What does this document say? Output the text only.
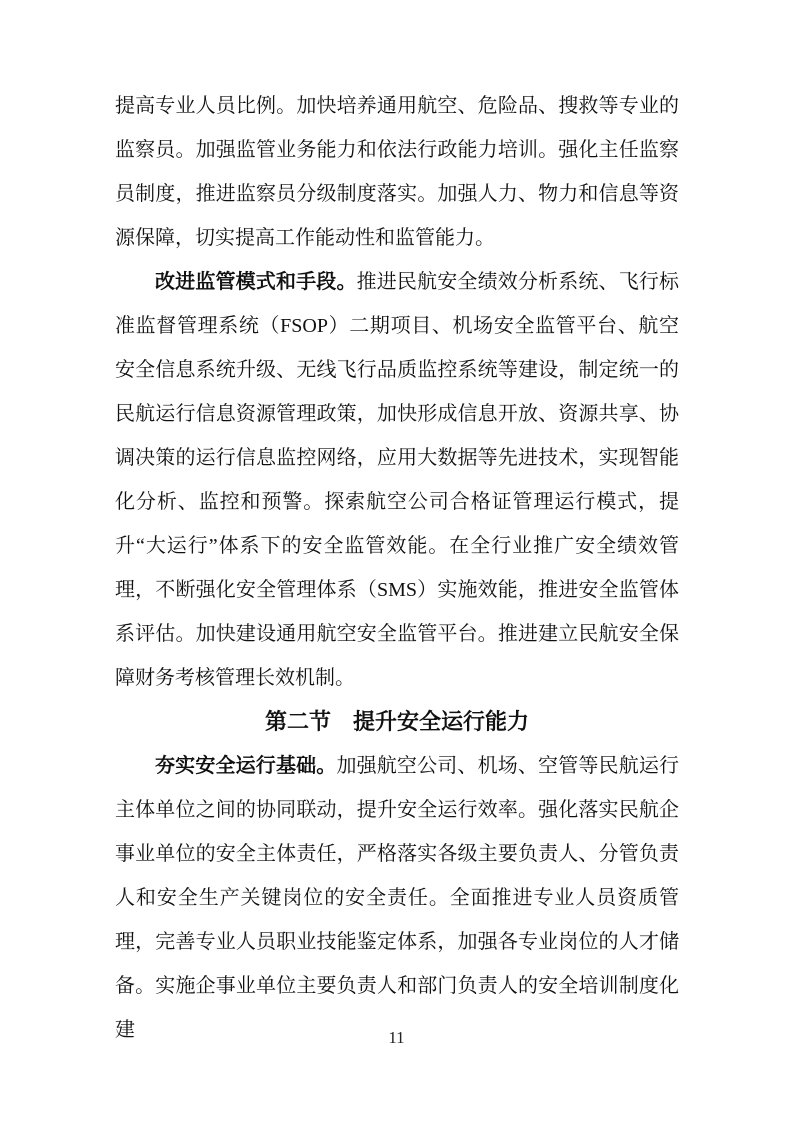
提高专业人员比例。加快培养通用航空、危险品、搜救等专业的监察员。加强监管业务能力和依法行政能力培训。强化主任监察员制度，推进监察员分级制度落实。加强人力、物力和信息等资源保障，切实提高工作能动性和监管能力。

改进监管模式和手段。推进民航安全绩效分析系统、飞行标准监督管理系统（FSOP）二期项目、机场安全监管平台、航空安全信息系统升级、无线飞行品质监控系统等建设，制定统一的民航运行信息资源管理政策，加快形成信息开放、资源共享、协调决策的运行信息监控网络，应用大数据等先进技术，实现智能化分析、监控和预警。探索航空公司合格证管理运行模式，提升“大运行”体系下的安全监管效能。在全行业推广安全绩效管理，不断强化安全管理体系（SMS）实施效能，推进安全监管体系评估。加快建设通用航空安全监管平台。推进建立民航安全保障财务考核管理长效机制。

第二节　提升安全运行能力

夯实安全运行基础。加强航空公司、机场、空管等民航运行主体单位之间的协同联动，提升安全运行效率。强化落实民航企事业单位的安全主体责任，严格落实各级主要负责人、分管负责人和安全生产关键岗位的安全责任。全面推进专业人员资质管理，完善专业人员职业技能鉴定体系，加强各专业岗位的人才储备。实施企事业单位主要负责人和部门负责人的安全培训制度化建	11
